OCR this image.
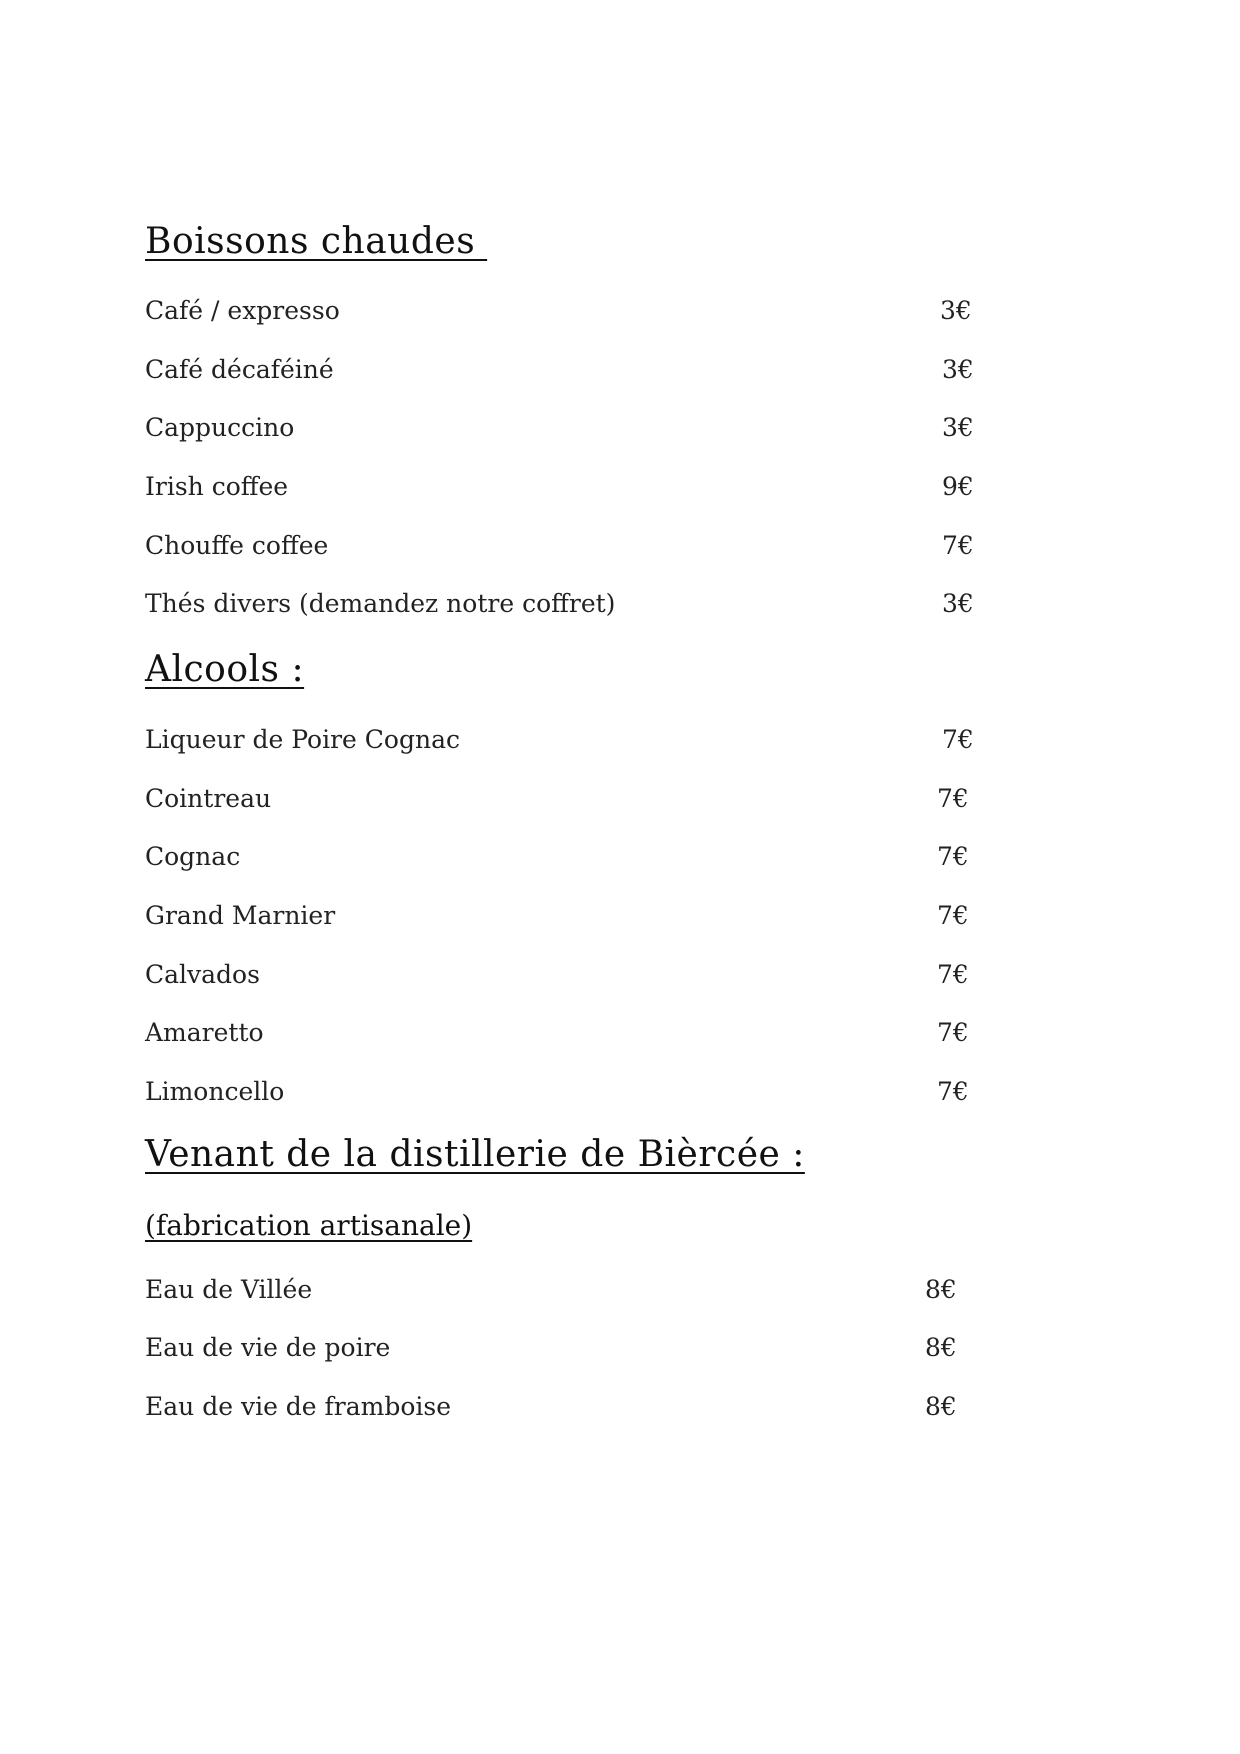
Boissons chaudes
Café / expresso	3€
Café décaféiné	3€
Cappuccino	3€
Irish coffee	9€
Chouffe coffee	7€
Thés divers (demandez notre coffret)	3€
Alcools :
Liqueur de Poire Cognac	7€
Cointreau	7€
Cognac	7€
Grand Marnier	7€
Calvados	7€
Amaretto	7€
Limoncello	7€
Venant de la distillerie de Bièrcée :
(fabrication artisanale)
Eau de Villée	8€
Eau de vie de poire	8€
Eau de vie de framboise	8€
